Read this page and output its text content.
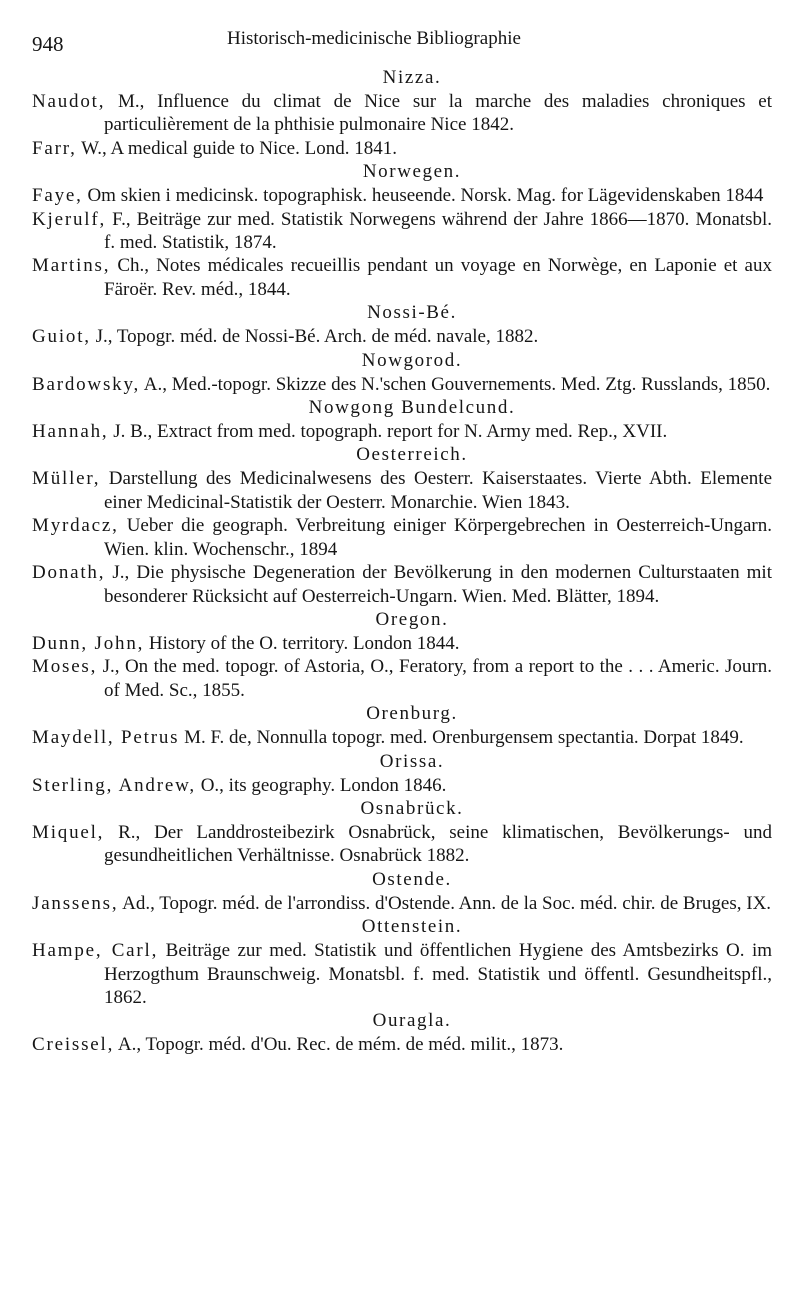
948	Historisch-medicinische Bibliographie
Nizza.
Naudot, M., Influence du climat de Nice sur la marche des maladies chroniques et particulièrement de la phthisie pulmonaire Nice 1842.
Farr, W., A medical guide to Nice. Lond. 1841.
Norwegen.
Faye, Om skien i medicinsk. topographisk. heuseende. Norsk. Mag. for Lägevidenskaben 1844
Kjerulf, F., Beiträge zur med. Statistik Norwegens während der Jahre 1866—1870. Monatsbl. f. med. Statistik, 1874.
Martins, Ch., Notes médicales recueillis pendant un voyage en Norwège, en Laponie et aux Färoër. Rev. méd., 1844.
Nossi-Bé.
Guiot, J., Topogr. méd. de Nossi-Bé. Arch. de méd. navale, 1882.
Nowgorod.
Bardowsky, A., Med.-topogr. Skizze des N.'schen Gouvernements. Med. Ztg. Russlands, 1850.
Nowgong Bundelcund.
Hannah, J. B., Extract from med. topograph. report for N. Army med. Rep., XVII.
Oesterreich.
Müller, Darstellung des Medicinalwesens des Oesterr. Kaiserstaates. Vierte Abth. Elemente einer Medicinal-Statistik der Oesterr. Monarchie. Wien 1843.
Myrdacz, Ueber die geograph. Verbreitung einiger Körpergebrechen in Oesterreich-Ungarn. Wien. klin. Wochenschr., 1894
Donath, J., Die physische Degeneration der Bevölkerung in den modernen Culturstaaten mit besonderer Rücksicht auf Oesterreich-Ungarn. Wien. Med. Blätter, 1894.
Oregon.
Dunn, John, History of the O. territory. London 1844.
Moses, J., On the med. topogr. of Astoria, O., Feratory, from a report to the . . . Americ. Journ. of Med. Sc., 1855.
Orenburg.
Maydell, Petrus M. F. de, Nonnulla topogr. med. Orenburgensem spectantia. Dorpat 1849.
Orissa.
Sterling, Andrew, O., its geography. London 1846.
Osnabrück.
Miquel, R., Der Landdrosteibezirk Osnabrück, seine klimatischen, Bevölkerungs- und gesundheitlichen Verhältnisse. Osnabrück 1882.
Ostende.
Janssens, Ad., Topogr. méd. de l'arrondiss. d'Ostende. Ann. de la Soc. méd. chir. de Bruges, IX.
Ottenstein.
Hampe, Carl, Beiträge zur med. Statistik und öffentlichen Hygiene des Amtsbezirks O. im Herzogthum Braunschweig. Monatsbl. f. med. Statistik und öffentl. Gesundheitspfl., 1862.
Ouragla.
Creissel, A., Topogr. méd. d'Ou. Rec. de mém. de méd. milit., 1873.
